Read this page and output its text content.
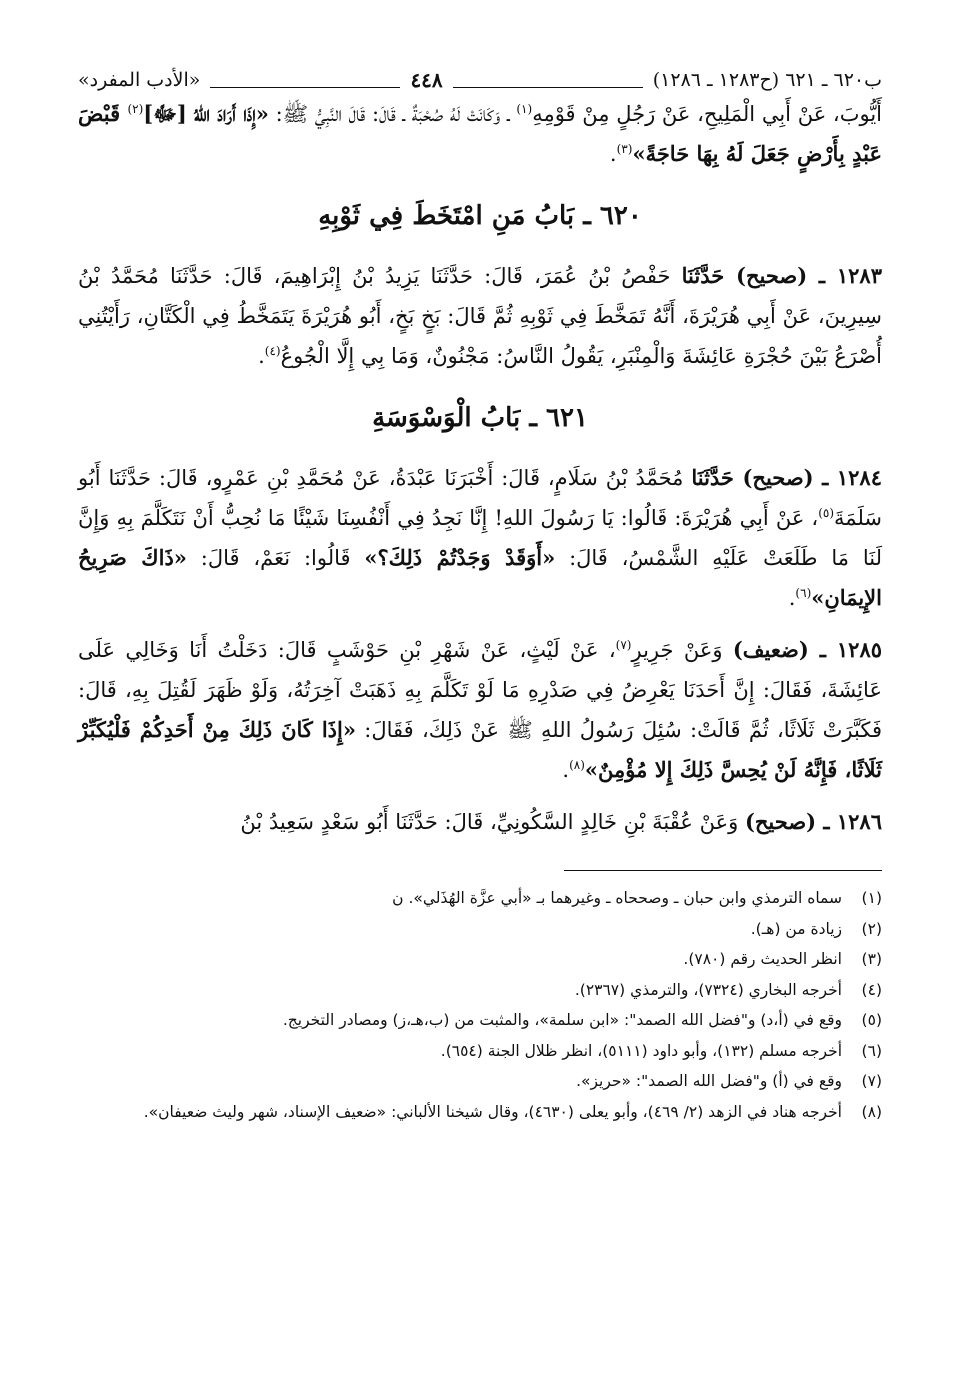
ب٦٢٠ ـ ٦٢١ (ح١٢٨٣ ـ ١٢٨٦)
٤٤٨
«الأدب المفرد»

أَيُّوبَ، عَنْ أَبِي الْمَلِيحِ، عَنْ رَجُلٍ مِنْ قَوْمِهِ$^{(١)}$ ـ وَكَانَتْ لَهُ صُحْبَةٌ ـ قَالَ: قَالَ النَّبِيُّ ﷺ: «إِذَا أَرَادَ اللهُ [ﷻ]$^{(٢)}$ قَبْضَ عَبْدٍ بِأَرْضٍ جَعَلَ لَهُ بِهَا حَاجَةً»$^{(٣)}$.

٦٢٠ ـ بَابُ مَنِ امْتَخَطَ فِي ثَوْبِهِ

١٢٨٣ ـ (صحيح) حَدَّثَنَا حَفْصُ بْنُ عُمَرَ، قَالَ: حَدَّثَنَا يَزِيدُ بْنُ إِبْرَاهِيمَ، قَالَ: حَدَّثَنَا مُحَمَّدُ بْنُ سِيرِينَ، عَنْ أَبِي هُرَيْرَةَ، أَنَّهُ تَمَخَّطَ فِي ثَوْبِهِ ثُمَّ قَالَ: بَخٍ بَخٍ، أَبُو هُرَيْرَةَ يَتَمَخَّطُ فِي الْكَتَّانِ، رَأَيْتُنِي أُصْرَعُ بَيْنَ حُجْرَةِ عَائِشَةَ وَالْمِنْبَرِ، يَقُولُ النَّاسُ: مَجْنُونٌ، وَمَا بِي إِلَّا الْجُوعُ$^{(٤)}$.

٦٢١ ـ بَابُ الْوَسْوَسَةِ

١٢٨٤ ـ (صحيح) حَدَّثَنَا مُحَمَّدُ بْنُ سَلَامٍ، قَالَ: أَخْبَرَنَا عَبْدَةُ، عَنْ مُحَمَّدِ بْنِ عَمْرٍو، قَالَ: حَدَّثَنَا أَبُو سَلَمَةَ$^{(٥)}$، عَنْ أَبِي هُرَيْرَةَ: قَالُوا: يَا رَسُولَ اللهِ! إِنَّا نَجِدُ فِي أَنْفُسِنَا شَيْئًا مَا نُحِبُّ أَنْ نَتَكَلَّمَ بِهِ وَإِنَّ لَنَا مَا طَلَعَتْ عَلَيْهِ الشَّمْسُ، قَالَ: «أَوَقَدْ وَجَدْتُمْ ذَلِكَ؟» قَالُوا: نَعَمْ، قَالَ: «ذَاكَ صَرِيحُ الإِيمَانِ»$^{(٦)}$.

١٢٨٥ ـ (ضعيف) وَعَنْ جَرِيرٍ$^{(٧)}$، عَنْ لَيْثٍ، عَنْ شَهْرِ بْنِ حَوْشَبٍ قَالَ: دَخَلْتُ أَنَا وَخَالِي عَلَى عَائِشَةَ، فَقَالَ: إِنَّ أَحَدَنَا يَعْرِضُ فِي صَدْرِهِ مَا لَوْ تَكَلَّمَ بِهِ ذَهَبَتْ آخِرَتُهُ، وَلَوْ ظَهَرَ لَقُتِلَ بِهِ، قَالَ: فَكَبَّرَتْ ثَلَاثًا، ثُمَّ قَالَتْ: سُئِلَ رَسُولُ اللهِ ﷺ عَنْ ذَلِكَ، فَقَالَ: «إِذَا كَانَ ذَلِكَ مِنْ أَحَدِكُمْ فَلْيُكَبِّرْ ثَلَاثًا، فَإِنَّهُ لَنْ يُحِسَّ ذَلِكَ إِلا مُؤْمِنٌ»$^{(٨)}$.

١٢٨٦ ـ (صحيح) وَعَنْ عُقْبَةَ بْنِ خَالِدٍ السَّكُونِيِّ، قَالَ: حَدَّثَنَا أَبُو سَعْدٍ سَعِيدُ بْنُ

(١)
سماه الترمذي وابن حبان ـ وصححاه ـ وغيرهما بـ «أبي عزَّة الهُذَلي». ن
(٢)
زيادة من (هـ).
(٣)
انظر الحديث رقم (٧٨٠).
(٤)
أخرجه البخاري (٧٣٢٤)، والترمذي (٢٣٦٧).
(٥)
وقع في (أ،د) و"فضل الله الصمد": «ابن سلمة»، والمثبت من (ب،هـ،ز) ومصادر التخريج.
(٦)
أخرجه مسلم (١٣٢)، وأبو داود (٥١١١)، انظر ظلال الجنة (٦٥٤).
(٧)
وقع في (أ) و"فضل الله الصمد": «حريز».
(٨)
أخرجه هناد في الزهد (٢/ ٤٦٩)، وأبو يعلى (٤٦٣٠)، وقال شيخنا الألباني: «ضعيف الإسناد، شهر وليث ضعيفان».
